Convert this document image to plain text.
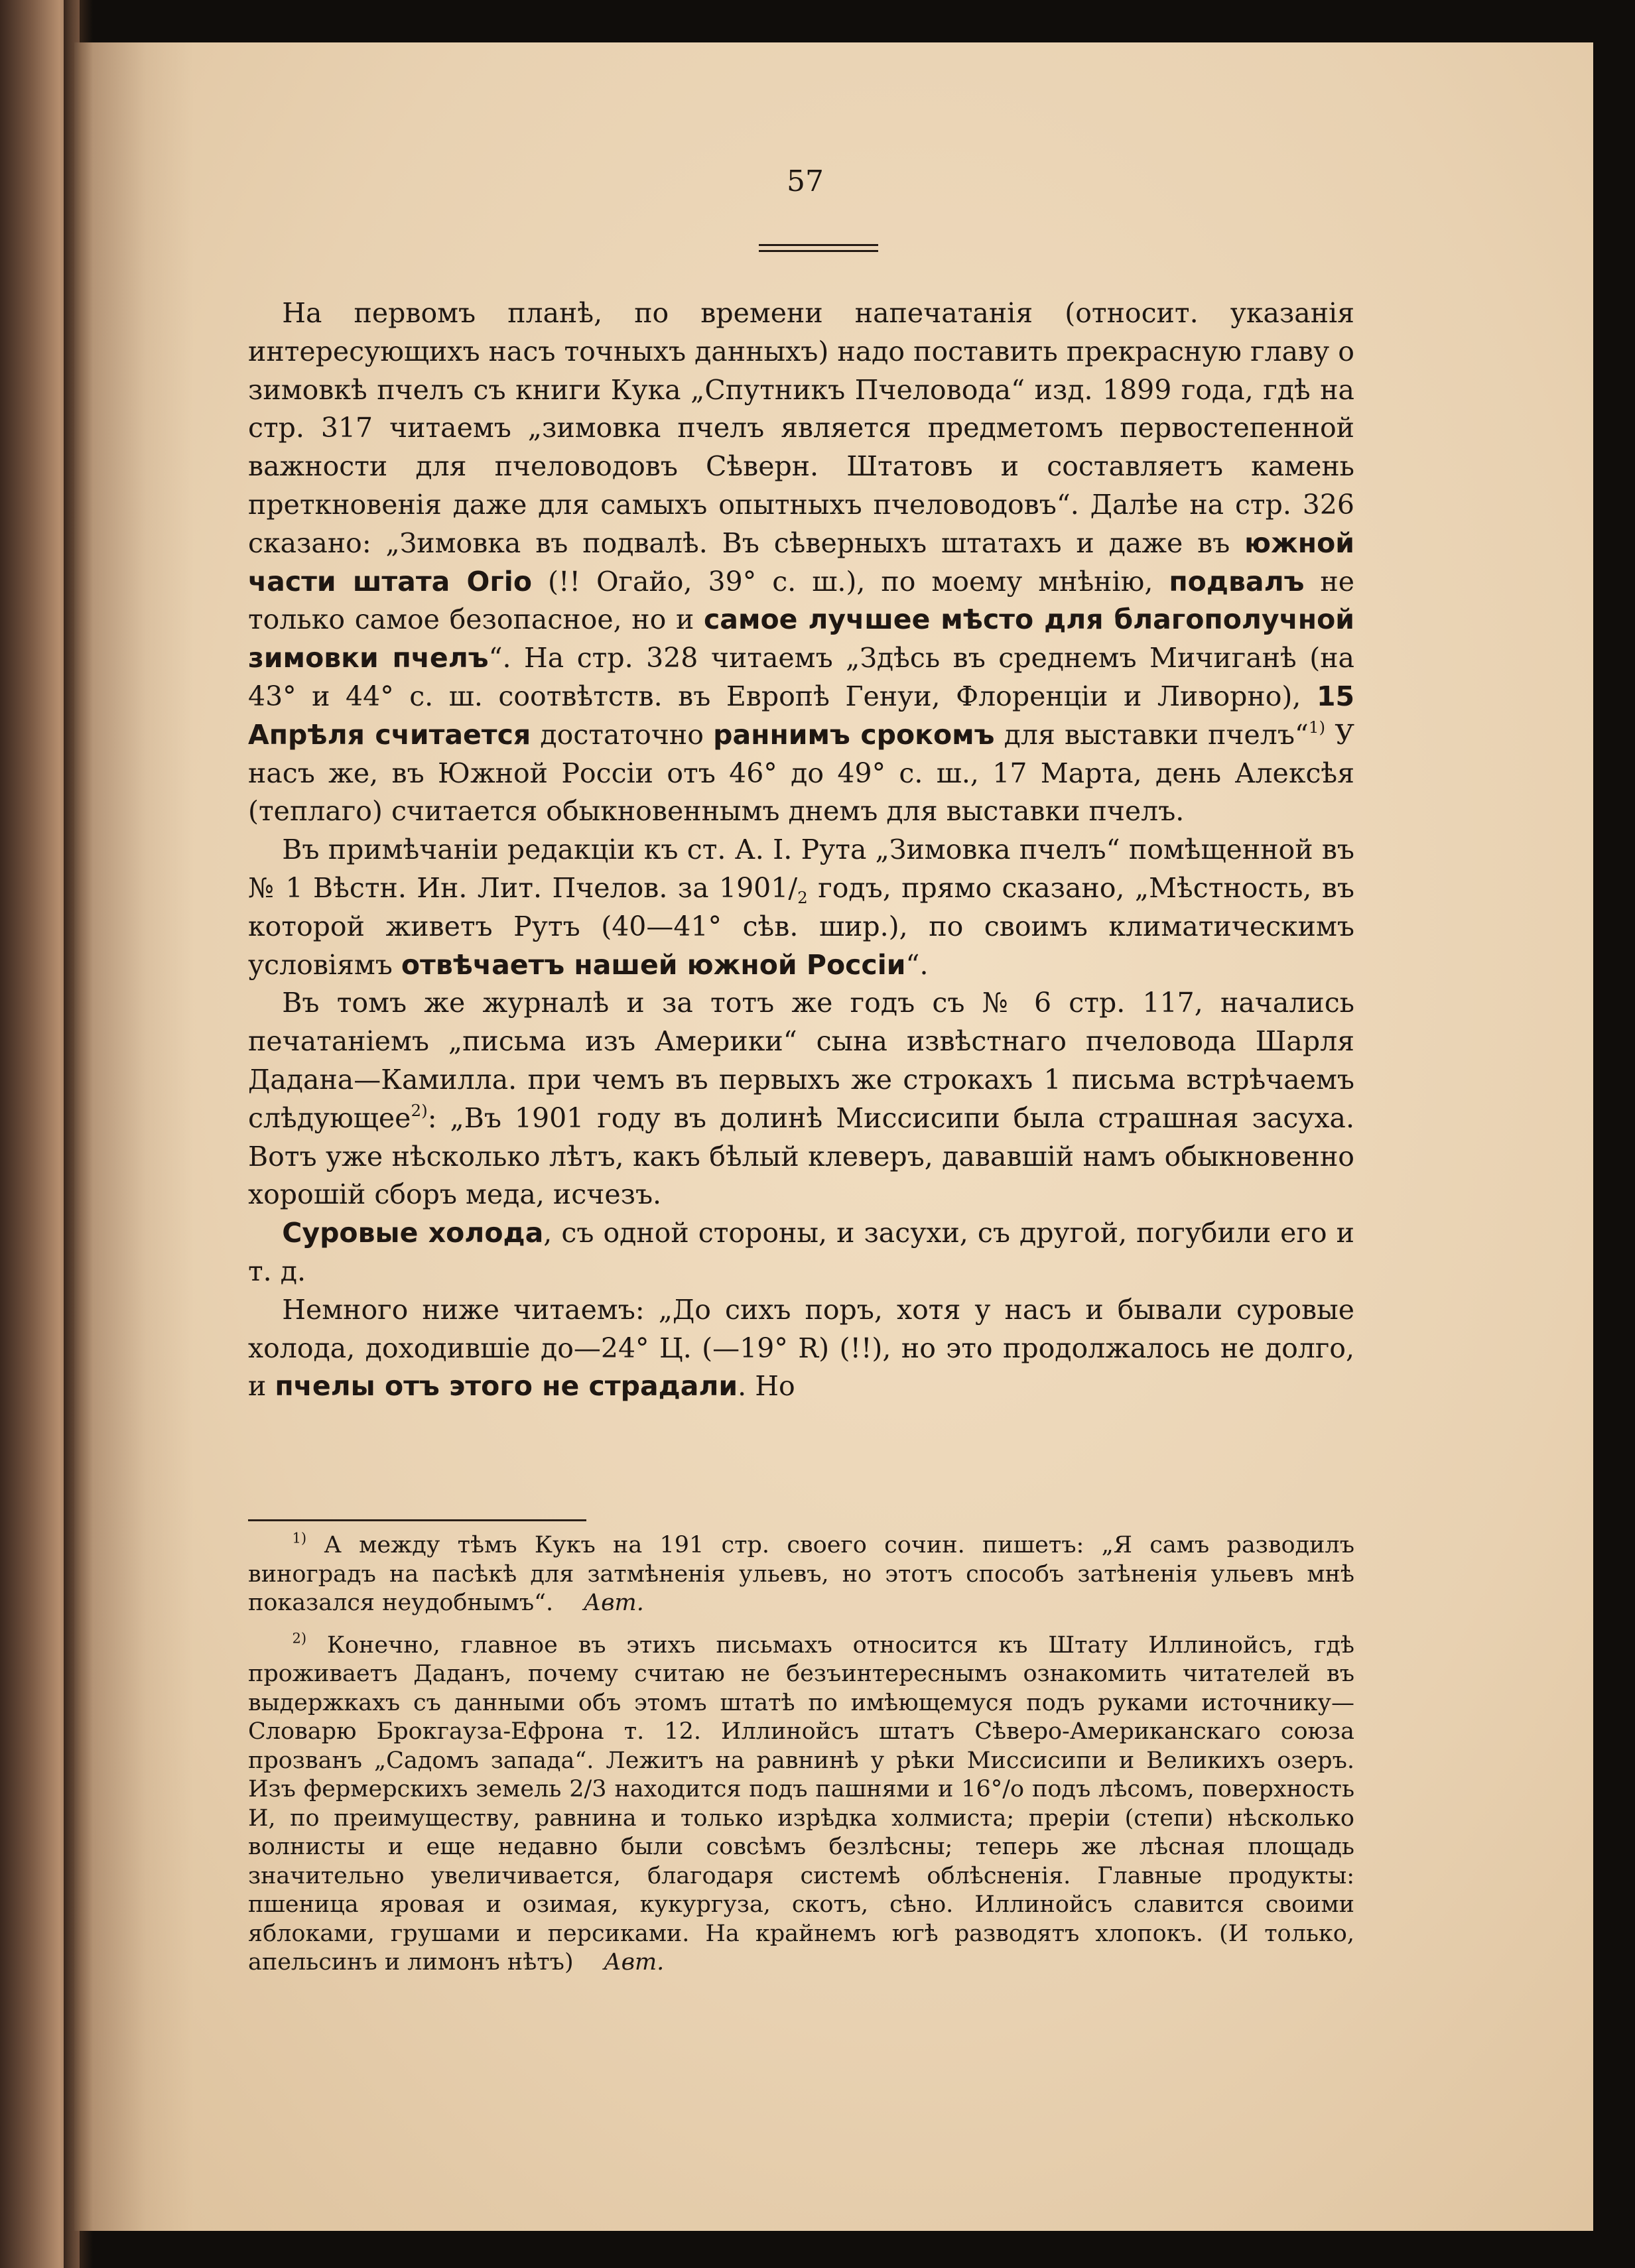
57

На первомъ планѣ, по времени напечатанія (относит. указанія интересующихъ насъ точныхъ данныхъ) надо поставить прекрасную главу о зимовкѣ пчелъ съ книги Кука „Спутникъ Пчеловода“ изд. 1899 года, гдѣ на стр. 317 читаемъ „зимовка пчелъ является предметомъ первостепенной важности для пчеловодовъ Сѣверн. Штатовъ и составляетъ камень преткновенія даже для самыхъ опытныхъ пчеловодовъ“. Далѣе на стр. 326 сказано: „Зимовка въ подвалѣ. Въ сѣверныхъ штатахъ и даже въ южной части штата Огіо (!! Огайо, 39° с. ш.), по моему мнѣнію, подвалъ не только самое безопасное, но и самое лучшее мѣсто для благополучной зимовки пчелъ“. На стр. 328 читаемъ „Здѣсь въ среднемъ Мичиганѣ (на 43° и 44° с. ш. соотвѣтств. въ Европѣ Генуи, Флоренціи и Ливорно), 15 Апрѣля считается достаточно раннимъ срокомъ для выставки пчелъ“$^{1)}$ У насъ же, въ Южной Россіи отъ 46° до 49° с. ш., 17 Марта, день Алексѣя (теплаго) считается обыкновеннымъ днемъ для выставки пчелъ.

Въ примѣчаніи редакціи къ ст. А. І. Рута „Зимовка пчелъ“ помѣщенной въ № 1 Вѣстн. Ин. Лит. Пчелов. за $1901/_2$ годъ, прямо сказано, „Мѣстность, въ которой живетъ Рутъ (40—41° сѣв. шир.), по своимъ климатическимъ условіямъ отвѣчаетъ нашей южной Россіи“.

Въ томъ же журналѣ и за тотъ же годъ съ № 6 стр. 117, начались печатаніемъ „письма изъ Америки“ сына извѣстнаго пчеловода Шарля Дадана—Камилла. при чемъ въ первыхъ же строкахъ 1 письма встрѣчаемъ слѣдующее$^{2)}$: „Въ 1901 году въ долинѣ Миссисипи была страшная засуха. Вотъ уже нѣсколько лѣтъ, какъ бѣлый клеверъ, дававшій намъ обыкновенно хорошій сборъ меда, исчезъ.

Суровые холода, съ одной стороны, и засухи, съ другой, погубили его и т. д.

Немного ниже читаемъ: „До сихъ поръ, хотя у насъ и бывали суровые холода, доходившіе до—24° Ц. (—19° R) (!!), но это продолжалось не долго, и пчелы отъ этого не страдали. Но

$^{1)}$ А между тѣмъ Кукъ на 191 стр. своего сочин. пишетъ: „Я самъ разводилъ виноградъ на пасѣкѣ для затмѣненія ульевъ, но этотъ способъ затѣненія ульевъ мнѣ показался неудобнымъ“. Авт.

$^{2)}$ Конечно, главное въ этихъ письмахъ относится къ Штату Иллинойсъ, гдѣ проживаетъ Даданъ, почему считаю не безъинтереснымъ ознакомить читателей въ выдержкахъ съ данными объ этомъ штатѣ по имѣющемуся подъ руками источнику—Словарю Брокгауза-Ефрона т. 12. Иллинойсъ штатъ Сѣверо-Американскаго союза прозванъ „Садомъ запада“. Лежитъ на равнинѣ у рѣки Миссисипи и Великихъ озеръ. Изъ фермерскихъ земель 2/3 находится подъ пашнями и 16°/о подъ лѣсомъ, поверхность И, по преимуществу, равнина и только изрѣдка холмиста; преріи (степи) нѣсколько волнисты и еще недавно были совсѣмъ безлѣсны; теперь же лѣсная площадь значительно увеличивается, благодаря системѣ облѣсненія. Главные продукты: пшеница яровая и озимая, кукургуза, скотъ, сѣно. Иллинойсъ славится своими яблоками, грушами и персиками. На крайнемъ югѣ разводятъ хлопокъ. (И только, апельсинъ и лимонъ нѣтъ) Авт.
